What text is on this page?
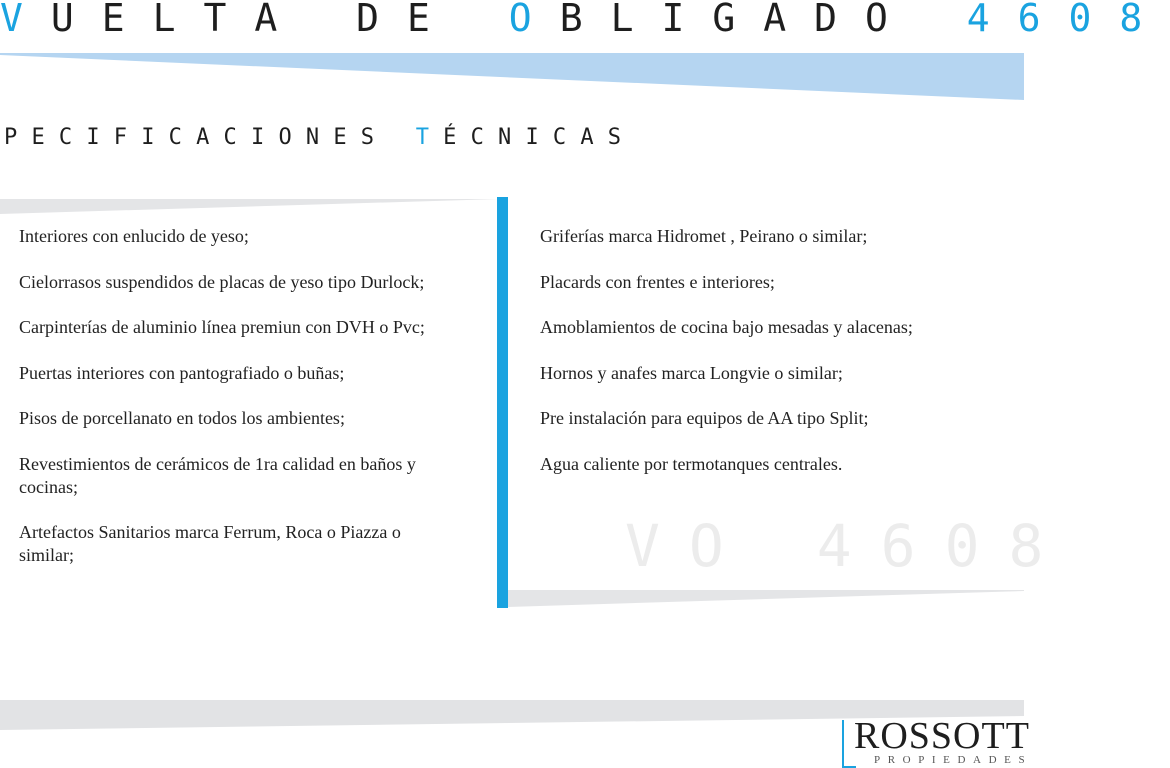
VUELTA DE OBLIGADO 4608
PECIFICACIONES TÉCNICAS
Interiores con enlucido de yeso;
Cielorrasos suspendidos de placas de yeso tipo Durlock;
Carpinterías de aluminio línea premiun con DVH o Pvc;
Puertas interiores con pantografiado o buñas;
Pisos de porcellanato en todos los ambientes;
Revestimientos de cerámicos de 1ra calidad en baños y cocinas;
Artefactos Sanitarios marca Ferrum, Roca o Piazza o similar;
Griferías marca Hidromet , Peirano o similar;
Placards con frentes e interiores;
Amoblamientos de cocina bajo mesadas y alacenas;
Hornos y anafes marca Longvie o similar;
Pre instalación para equipos de AA tipo Split;
Agua caliente por termotanques centrales.
VO 4608
ROSSOTT
PROPIEDADES
